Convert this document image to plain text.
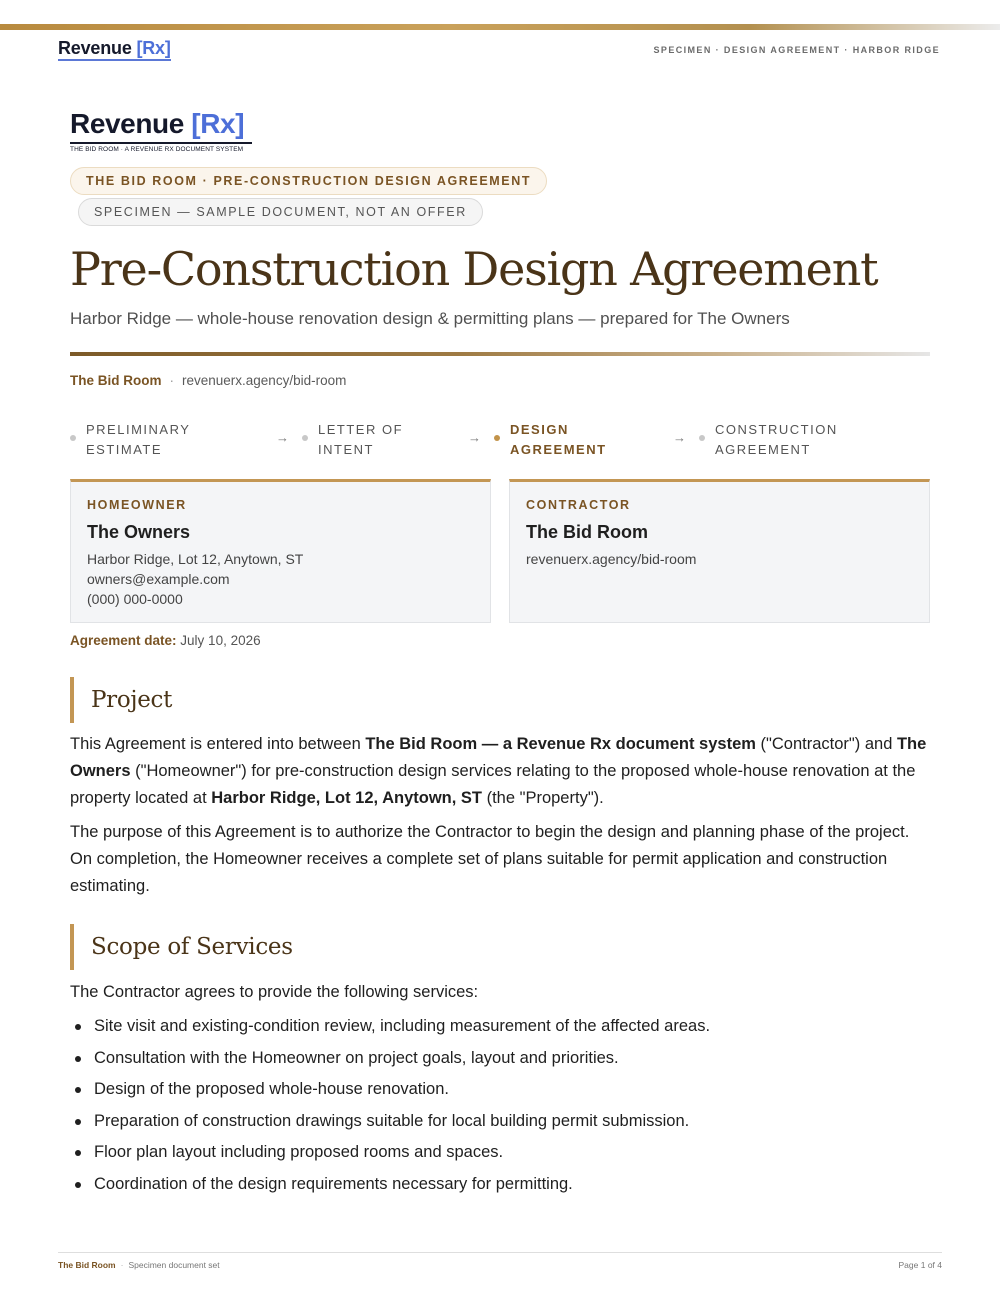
Revenue [Rx]	SPECIMEN · DESIGN AGREEMENT · HARBOR RIDGE
Revenue [Rx]
THE BID ROOM · A REVENUE RX DOCUMENT SYSTEM
THE BID ROOM · PRE-CONSTRUCTION DESIGN AGREEMENT
SPECIMEN — SAMPLE DOCUMENT, NOT AN OFFER
Pre-Construction Design Agreement
Harbor Ridge — whole-house renovation design & permitting plans — prepared for The Owners
The Bid Room · revenuerx.agency/bid-room
PRELIMINARY
ESTIMATE
→
LETTER OF
INTENT
→
DESIGN
AGREEMENT
→
CONSTRUCTION
AGREEMENT
HOMEOWNER
The Owners
Harbor Ridge, Lot 12, Anytown, ST
owners@example.com
(000) 000-0000
CONTRACTOR
The Bid Room
revenuerx.agency/bid-room
Agreement date: July 10, 2026
Project
This Agreement is entered into between The Bid Room — a Revenue Rx document system ("Contractor") and The Owners ("Homeowner") for pre-construction design services relating to the proposed whole-house renovation at the property located at Harbor Ridge, Lot 12, Anytown, ST (the "Property").
The purpose of this Agreement is to authorize the Contractor to begin the design and planning phase of the project. On completion, the Homeowner receives a complete set of plans suitable for permit application and construction estimating.
Scope of Services
The Contractor agrees to provide the following services:
Site visit and existing-condition review, including measurement of the affected areas.
Consultation with the Homeowner on project goals, layout and priorities.
Design of the proposed whole-house renovation.
Preparation of construction drawings suitable for local building permit submission.
Floor plan layout including proposed rooms and spaces.
Coordination of the design requirements necessary for permitting.
The Bid Room · Specimen document set	Page 1 of 4
